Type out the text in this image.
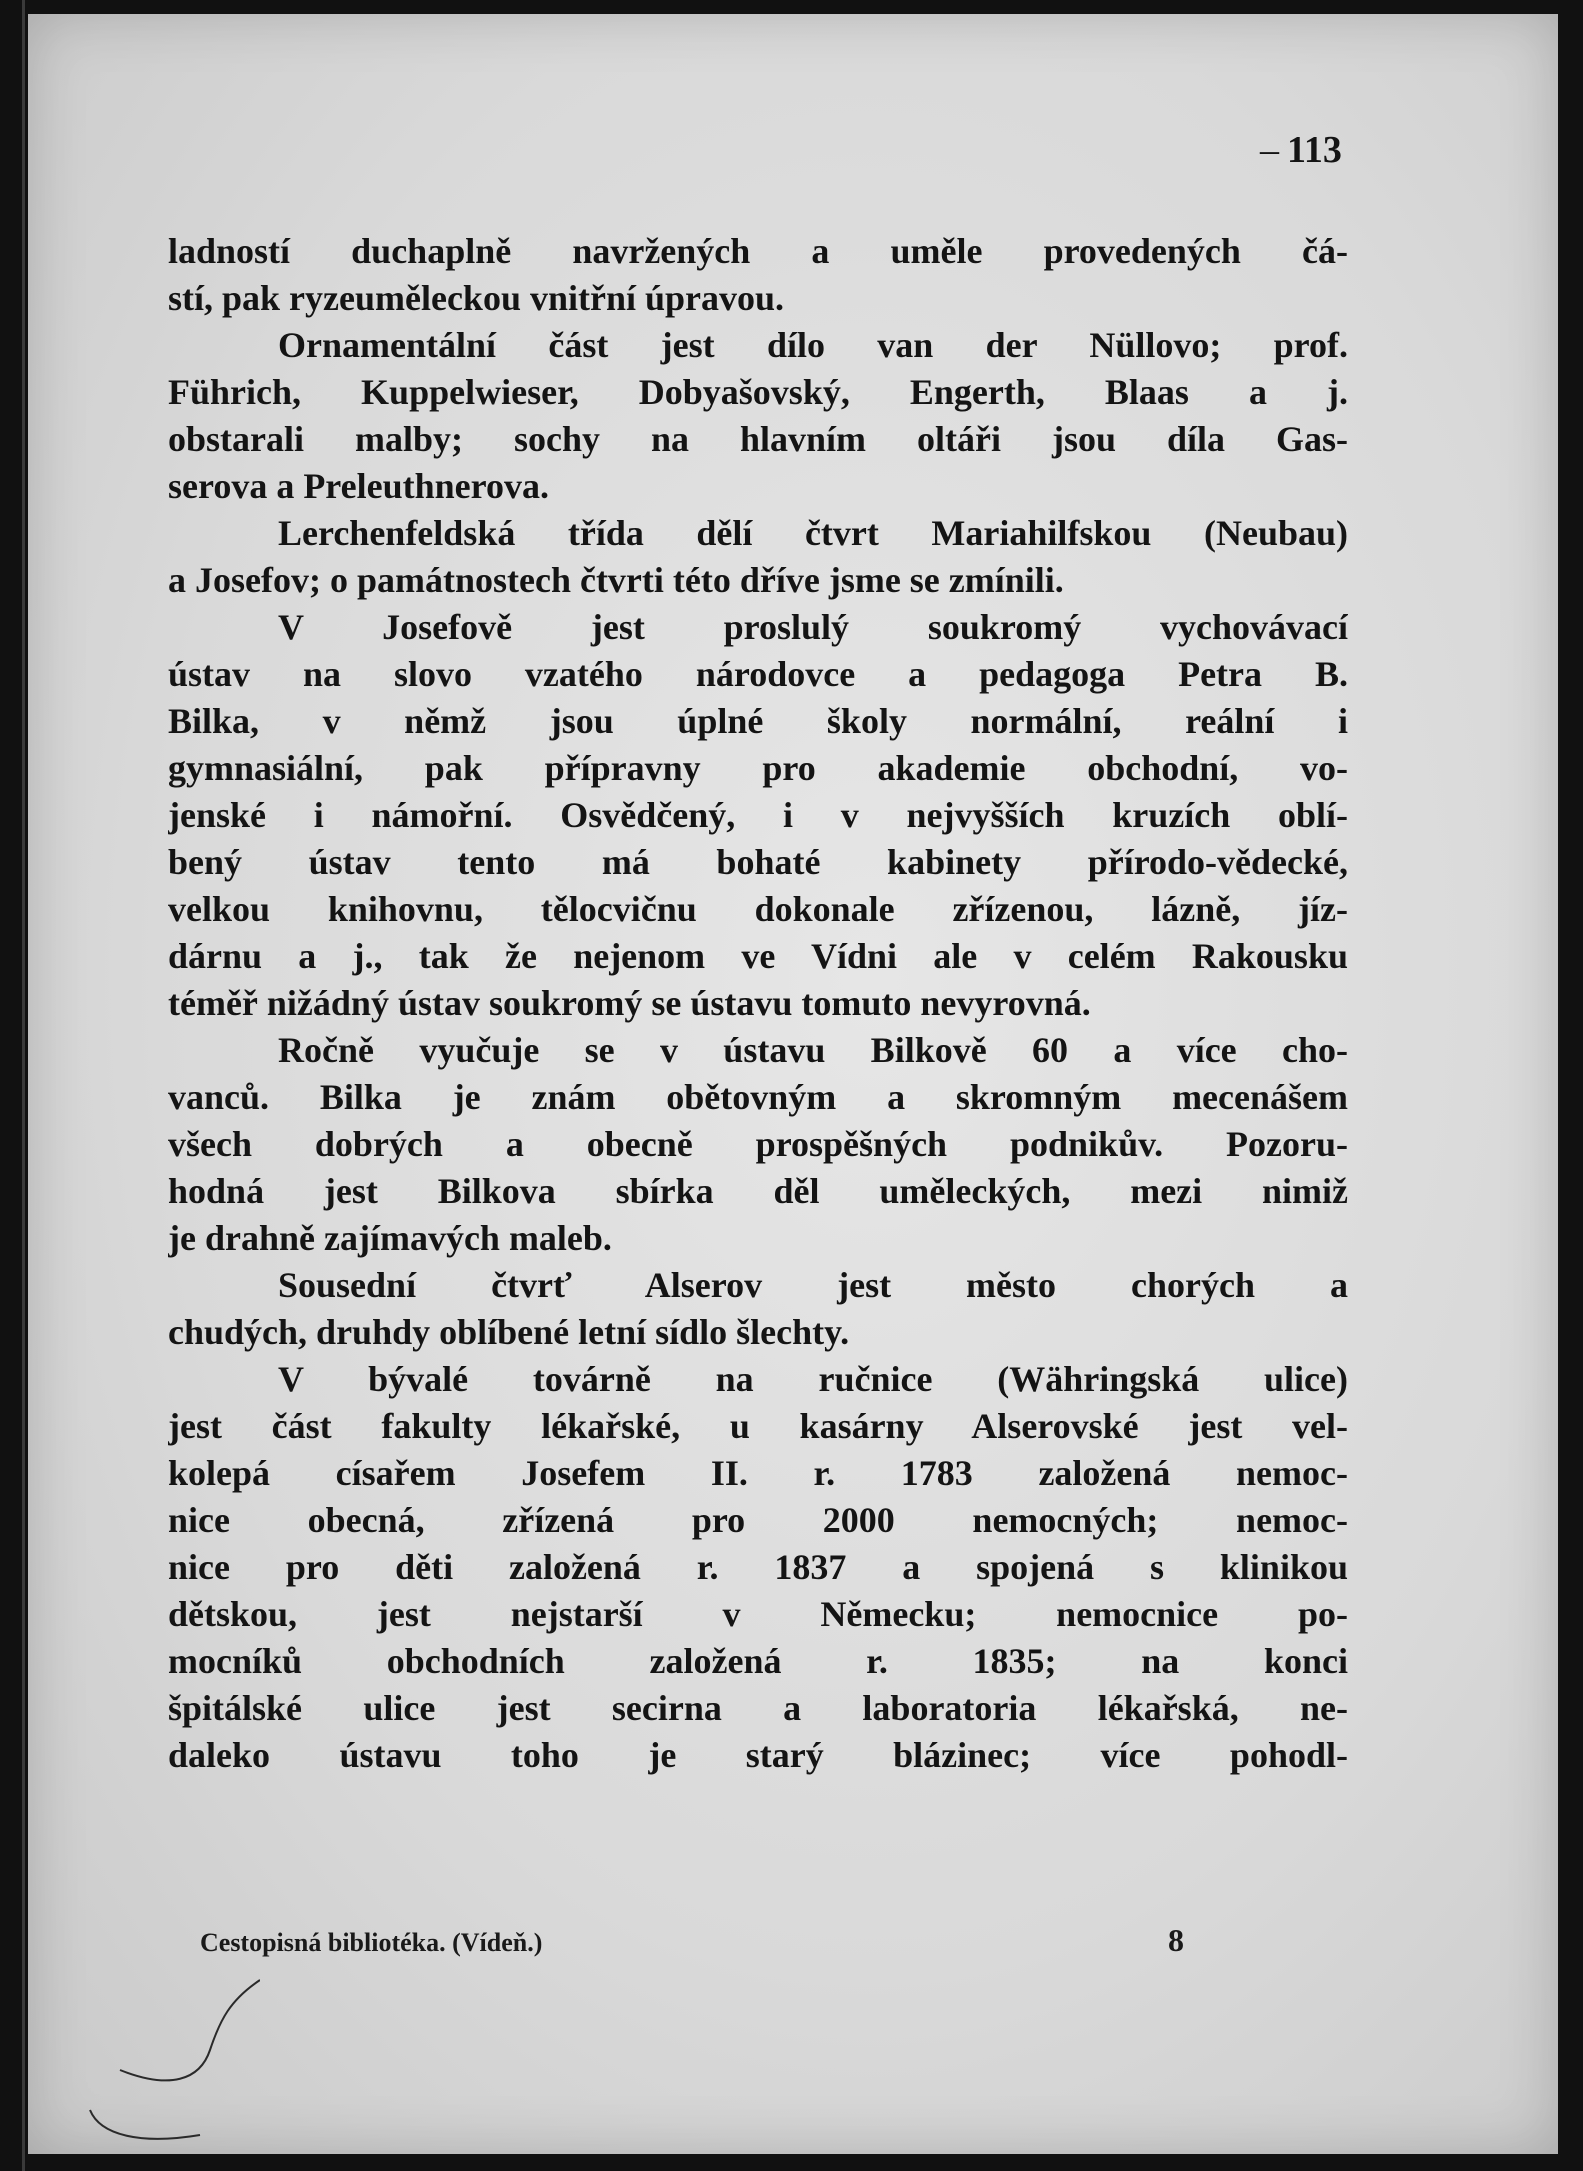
– 113
ladností duchaplně navržených a uměle provedených čá-
stí, pak ryzeuměleckou vnitřní úpravou.
Ornamentální část jest dílo van der Nüllovo; prof.
Führich, Kuppelwieser, Dobyašovský, Engerth, Blaas a j.
obstarali malby; sochy na hlavním oltáři jsou díla Gas-
serova a Preleuthnerova.
Lerchenfeldská třída dělí čtvrt Mariahilfskou (Neubau)
a Josefov; o památnostech čtvrti této dříve jsme se zmínili.
V Josefově jest proslulý soukromý vychovávací
ústav na slovo vzatého národovce a pedagoga Petra B.
Bilka, v němž jsou úplné školy normální, reální i
gymnasiální, pak přípravny pro akademie obchodní, vo-
jenské i námořní. Osvědčený, i v nejvyšších kruzích oblí-
bený ústav tento má bohaté kabinety přírodo-vědecké,
velkou knihovnu, tělocvičnu dokonale zřízenou, lázně, jíz-
dárnu a j., tak že nejenom ve Vídni ale v celém Rakousku
téměř nižádný ústav soukromý se ústavu tomuto nevyrovná.
Ročně vyučuje se v ústavu Bilkově 60 a více cho-
vanců. Bilka je znám obětovným a skromným mecenášem
všech dobrých a obecně prospěšných podnikův. Pozoru-
hodná jest Bilkova sbírka děl uměleckých, mezi nimiž
je drahně zajímavých maleb.
Sousední čtvrť Alserov jest město chorých a
chudých, druhdy oblíbené letní sídlo šlechty.
V bývalé továrně na ručnice (Währingská ulice)
jest část fakulty lékařské, u kasárny Alserovské jest vel-
kolepá císařem Josefem II. r. 1783 založená nemoc-
nice obecná, zřízená pro 2000 nemocných; nemoc-
nice pro děti založená r. 1837 a spojená s klinikou
dětskou, jest nejstarší v Německu; nemocnice po-
mocníků obchodních založená r. 1835; na konci
špitálské ulice jest secirna a laboratoria lékařská, ne-
daleko ústavu toho je starý blázinec; více pohodl-
Cestopisná bibliotéka. (Vídeň.)	8
